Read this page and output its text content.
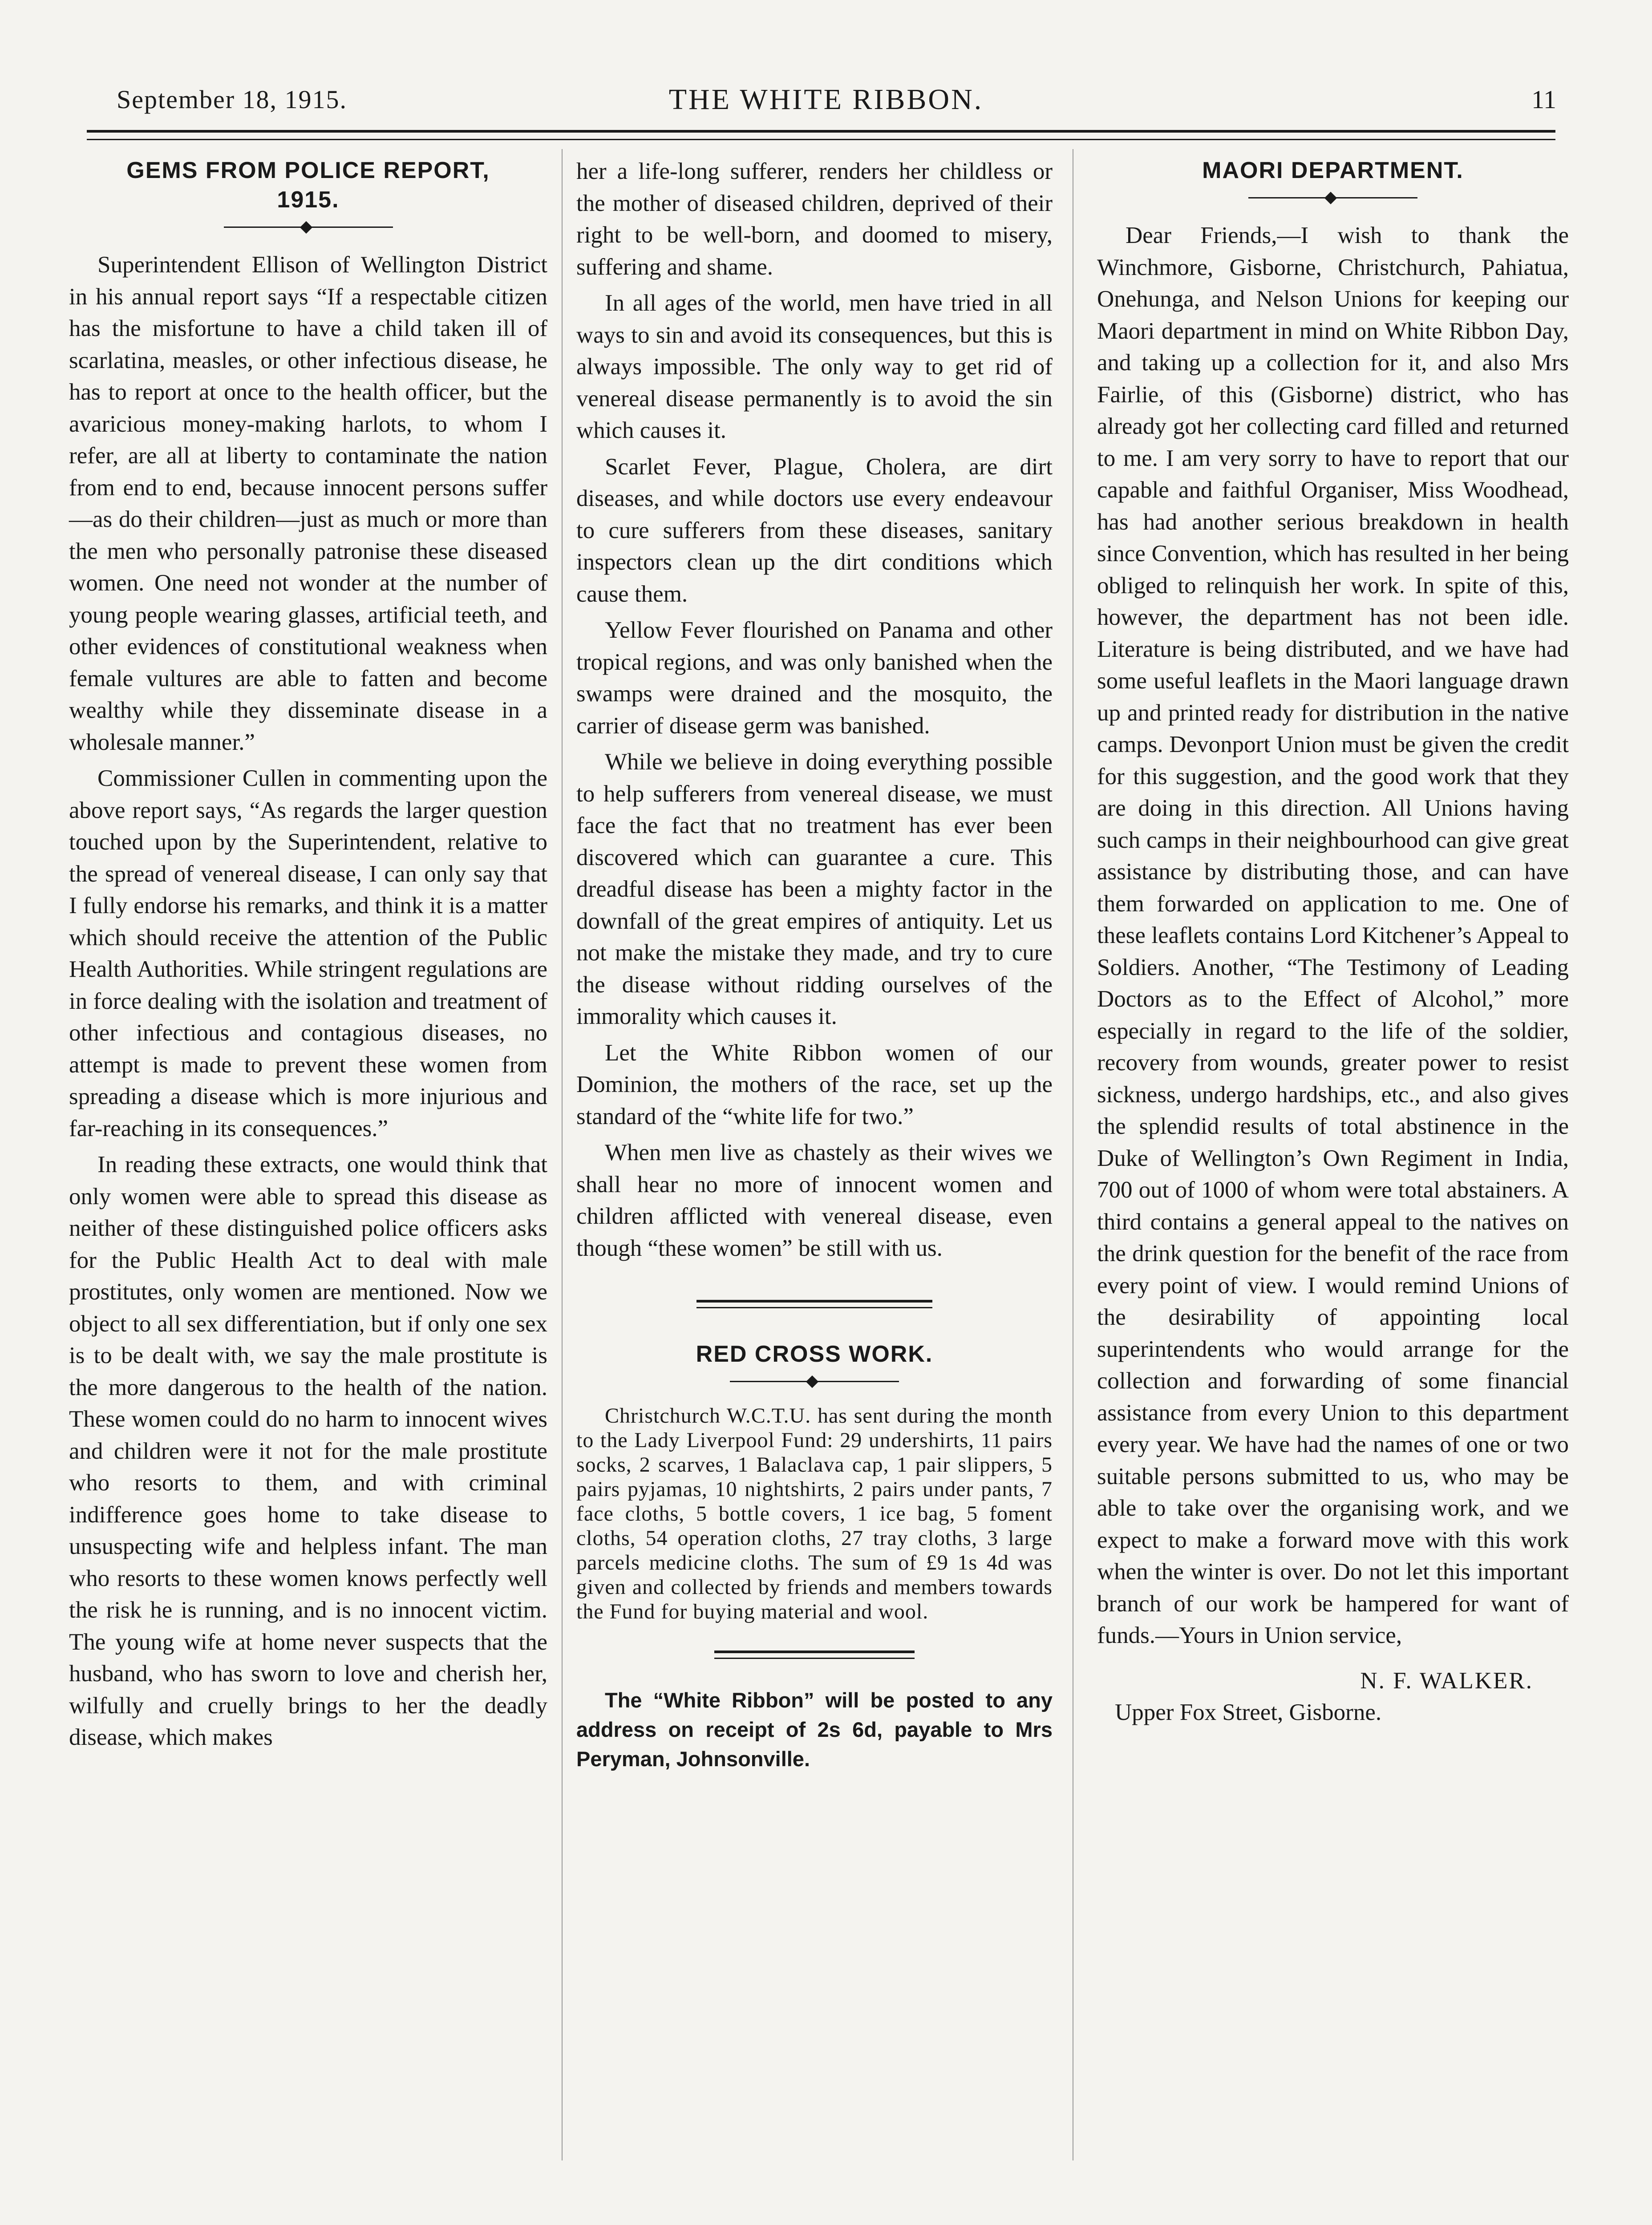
September 18, 1915.	THE WHITE RIBBON.	11
GEMS FROM POLICE REPORT,
1915.

Superintendent Ellison of Wellington District in his annual report says “If a respectable citizen has the misfortune to have a child taken ill of scarlatina, measles, or other infectious disease, he has to report at once to the health officer, but the avaricious money-making harlots, to whom I refer, are all at liberty to contaminate the nation from end to end, because innocent persons suffer—as do their children—just as much or more than the men who personally patronise these diseased women. One need not wonder at the number of young people wearing glasses, artificial teeth, and other evidences of constitutional weakness when female vultures are able to fatten and become wealthy while they disseminate disease in a wholesale manner.”

Commissioner Cullen in commenting upon the above report says, “As regards the larger question touched upon by the Superintendent, relative to the spread of venereal disease, I can only say that I fully endorse his remarks, and think it is a matter which should receive the attention of the Public Health Authorities. While stringent regulations are in force dealing with the isolation and treatment of other infectious and contagious diseases, no attempt is made to prevent these women from spreading a disease which is more injurious and far-reaching in its consequences.”

In reading these extracts, one would think that only women were able to spread this disease as neither of these distinguished police officers asks for the Public Health Act to deal with male prostitutes, only women are mentioned. Now we object to all sex differentiation, but if only one sex is to be dealt with, we say the male prostitute is the more dangerous to the health of the nation. These women could do no harm to innocent wives and children were it not for the male prostitute who resorts to them, and with criminal indifference goes home to take disease to unsuspecting wife and helpless infant. The man who resorts to these women knows perfectly well the risk he is running, and is no innocent victim. The young wife at home never suspects that the husband, who has sworn to love and cherish her, wilfully and cruelly brings to her the deadly disease, which makes

her a life-long sufferer, renders her childless or the mother of diseased children, deprived of their right to be well-born, and doomed to misery, suffering and shame.

In all ages of the world, men have tried in all ways to sin and avoid its consequences, but this is always impossible. The only way to get rid of venereal disease permanently is to avoid the sin which causes it.

Scarlet Fever, Plague, Cholera, are dirt diseases, and while doctors use every endeavour to cure sufferers from these diseases, sanitary inspectors clean up the dirt conditions which cause them.

Yellow Fever flourished on Panama and other tropical regions, and was only banished when the swamps were drained and the mosquito, the carrier of disease germ was banished.

While we believe in doing everything possible to help sufferers from venereal disease, we must face the fact that no treatment has ever been discovered which can guarantee a cure. This dreadful disease has been a mighty factor in the downfall of the great empires of antiquity. Let us not make the mistake they made, and try to cure the disease without ridding ourselves of the immorality which causes it.

Let the White Ribbon women of our Dominion, the mothers of the race, set up the standard of the “white life for two.”

When men live as chastely as their wives we shall hear no more of innocent women and children afflicted with venereal disease, even though “these women” be still with us.

RED CROSS WORK.

Christchurch W.C.T.U. has sent during the month to the Lady Liverpool Fund: 29 undershirts, 11 pairs socks, 2 scarves, 1 Balaclava cap, 1 pair slippers, 5 pairs pyjamas, 10 nightshirts, 2 pairs under pants, 7 face cloths, 5 bottle covers, 1 ice bag, 5 foment cloths, 54 operation cloths, 27 tray cloths, 3 large parcels medicine cloths. The sum of £9 1s 4d was given and collected by friends and members towards the Fund for buying material and wool.

The “White Ribbon” will be posted to any address on receipt of 2s 6d, payable to Mrs Peryman, Johnsonville.

MAORI DEPARTMENT.

Dear Friends,—I wish to thank the Winchmore, Gisborne, Christchurch, Pahiatua, Onehunga, and Nelson Unions for keeping our Maori department in mind on White Ribbon Day, and taking up a collection for it, and also Mrs Fairlie, of this (Gisborne) district, who has already got her collecting card filled and returned to me. I am very sorry to have to report that our capable and faithful Organiser, Miss Woodhead, has had another serious breakdown in health since Convention, which has resulted in her being obliged to relinquish her work. In spite of this, however, the department has not been idle. Literature is being distributed, and we have had some useful leaflets in the Maori language drawn up and printed ready for distribution in the native camps. Devonport Union must be given the credit for this suggestion, and the good work that they are doing in this direction. All Unions having such camps in their neighbourhood can give great assistance by distributing those, and can have them forwarded on application to me. One of these leaflets contains Lord Kitchener’s Appeal to Soldiers. Another, “The Testimony of Leading Doctors as to the Effect of Alcohol,” more especially in regard to the life of the soldier, recovery from wounds, greater power to resist sickness, undergo hardships, etc., and also gives the splendid results of total abstinence in the Duke of Wellington’s Own Regiment in India, 700 out of 1000 of whom were total abstainers. A third contains a general appeal to the natives on the drink question for the benefit of the race from every point of view. I would remind Unions of the desirability of appointing local superintendents who would arrange for the collection and forwarding of some financial assistance from every Union to this department every year. We have had the names of one or two suitable persons submitted to us, who may be able to take over the organising work, and we expect to make a forward move with this work when the winter is over. Do not let this important branch of our work be hampered for want of funds.—Yours in Union service,

N. F. WALKER.
Upper Fox Street, Gisborne.
